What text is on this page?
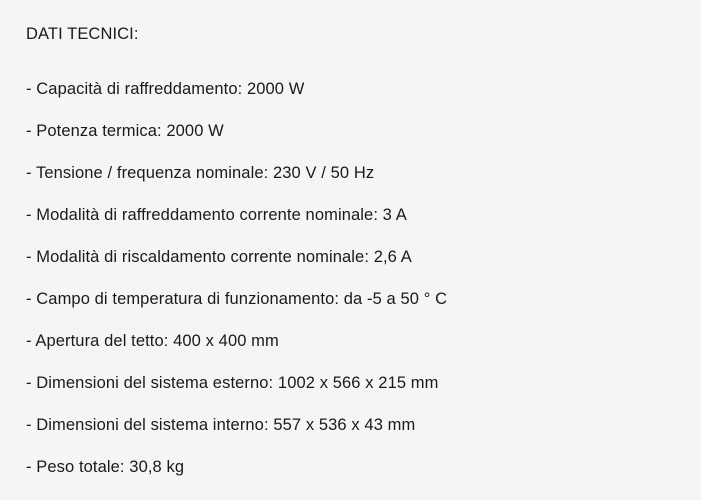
DATI TECNICI:
- Capacità di raffreddamento: 2000 W
- Potenza termica: 2000 W
- Tensione / frequenza nominale: 230 V / 50 Hz
- Modalità di raffreddamento corrente nominale: 3 A
- Modalità di riscaldamento corrente nominale: 2,6 A
- Campo di temperatura di funzionamento: da -5 a 50 ° C
- Apertura del tetto: 400 x 400 mm
- Dimensioni del sistema esterno: 1002 x 566 x 215 mm
- Dimensioni del sistema interno: 557 x 536 x 43 mm
- Peso totale: 30,8 kg
